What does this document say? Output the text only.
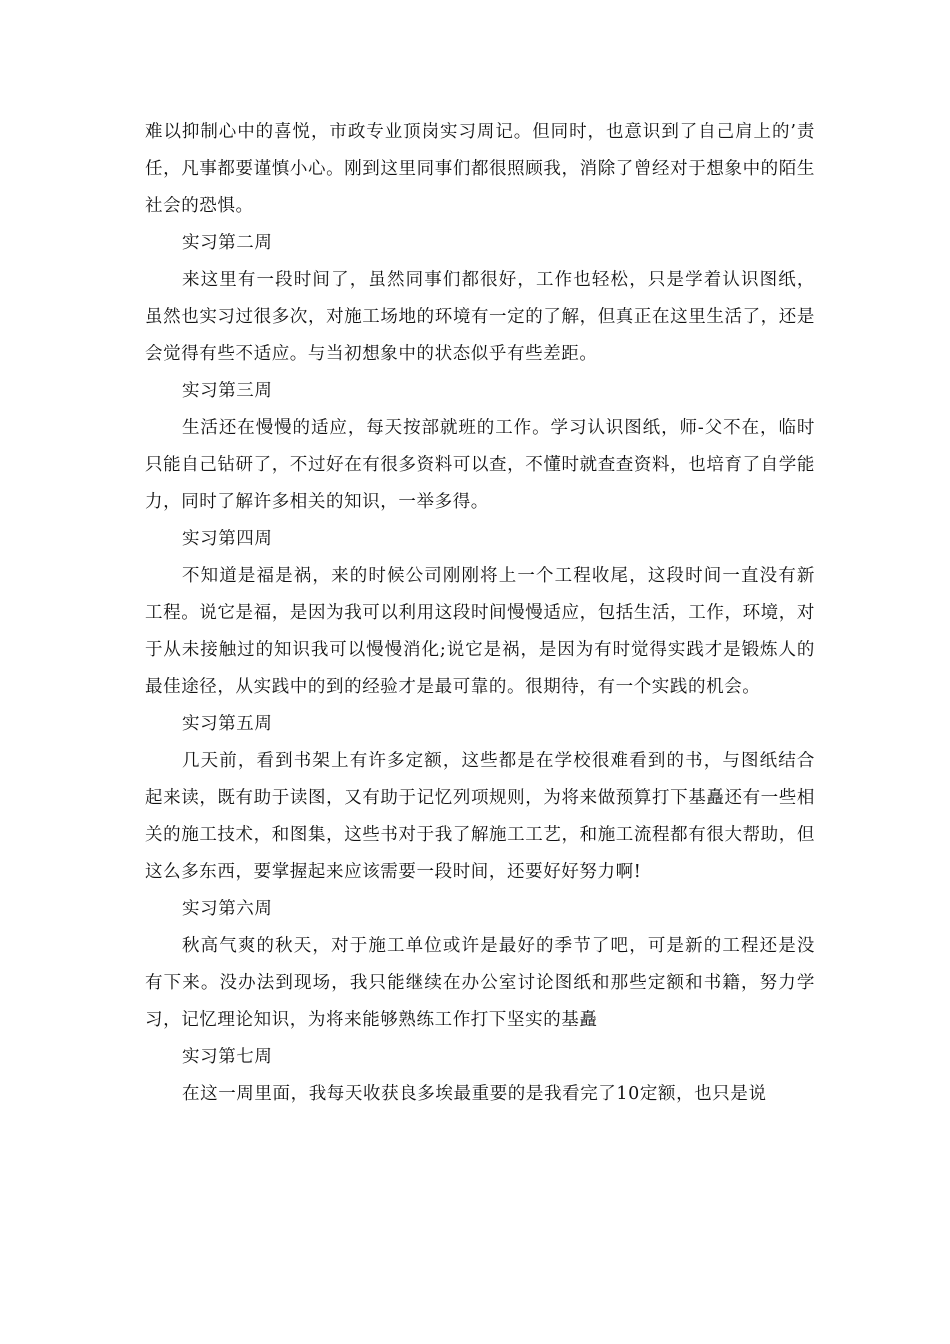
难以抑制心中的喜悦，市政专业顶岗实习周记。但同时，也意识到了自己肩上的’责任，凡事都要谨慎小心。刚到这里同事们都很照顾我，消除了曾经对于想象中的陌生社会的恐惧。

实习第二周

来这里有一段时间了，虽然同事们都很好，工作也轻松，只是学着认识图纸，虽然也实习过很多次，对施工场地的环境有一定的了解，但真正在这里生活了，还是会觉得有些不适应。与当初想象中的状态似乎有些差距。

实习第三周

生活还在慢慢的适应，每天按部就班的工作。学习认识图纸，师-父不在，临时只能自己钻研了，不过好在有很多资料可以查，不懂时就查查资料，也培育了自学能力，同时了解许多相关的知识，一举多得。

实习第四周

不知道是福是祸，来的时候公司刚刚将上一个工程收尾，这段时间一直没有新工程。说它是福，是因为我可以利用这段时间慢慢适应，包括生活，工作，环境，对于从未接触过的知识我可以慢慢消化;说它是祸，是因为有时觉得实践才是锻炼人的最佳途径，从实践中的到的经验才是最可靠的。很期待，有一个实践的机会。

实习第五周

几天前，看到书架上有许多定额，这些都是在学校很难看到的书，与图纸结合起来读，既有助于读图，又有助于记忆列项规则，为将来做预算打下基矗还有一些相关的施工技术，和图集，这些书对于我了解施工工艺，和施工流程都有很大帮助，但这么多东西，要掌握起来应该需要一段时间，还要好好努力啊!

实习第六周

秋高气爽的秋天，对于施工单位或许是最好的季节了吧，可是新的工程还是没有下来。没办法到现场，我只能继续在办公室讨论图纸和那些定额和书籍，努力学习，记忆理论知识，为将来能够熟练工作打下坚实的基矗

实习第七周

在这一周里面，我每天收获良多埃最重要的是我看完了10定额，也只是说
